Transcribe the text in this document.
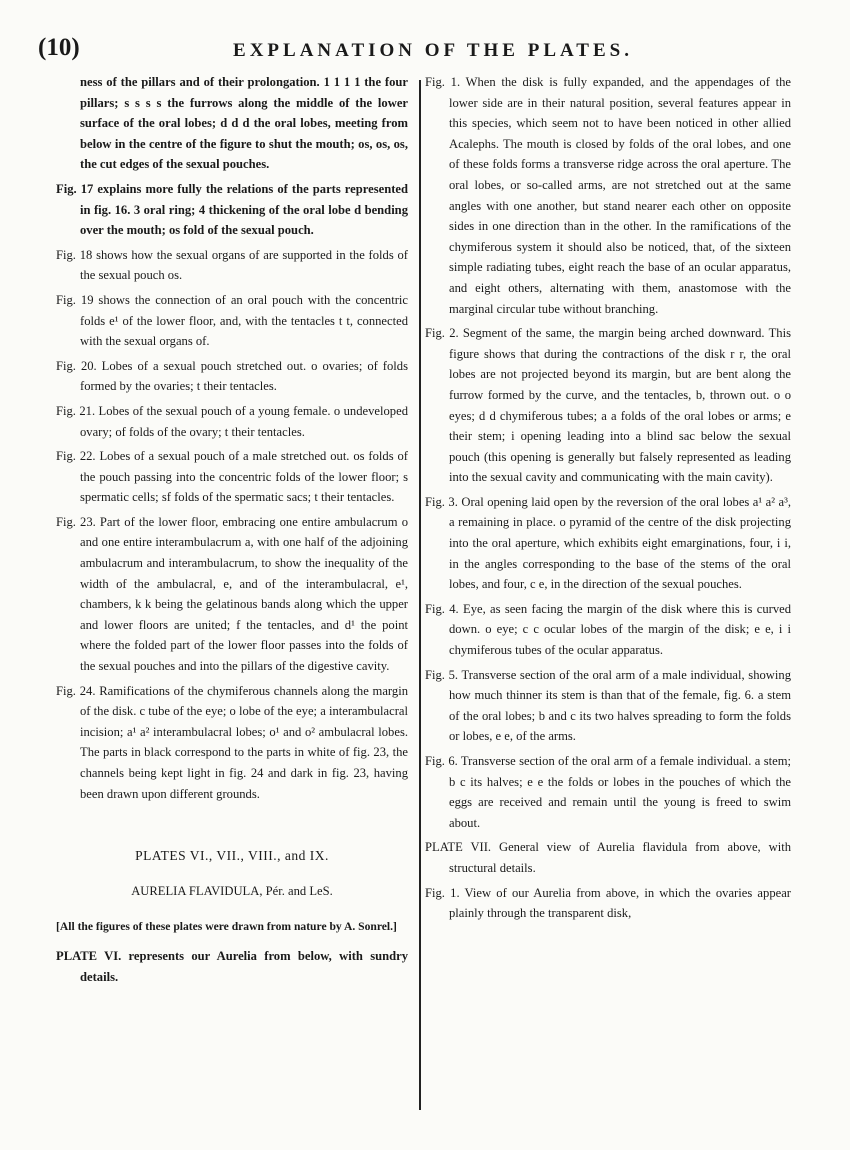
(10)	EXPLANATION OF THE PLATES.

ness of the pillars and of their prolongation. 1 1 1 1 the four pillars; s s s s the furrows along the middle of the lower surface of the oral lobes; d d d the oral lobes, meeting from below in the centre of the figure to shut the mouth; os, os, os, the cut edges of the sexual pouches.

Fig. 17 explains more fully the relations of the parts represented in fig. 16. 3 oral ring; 4 thickening of the oral lobe d bending over the mouth; os fold of the sexual pouch.

Fig. 18 shows how the sexual organs of are supported in the folds of the sexual pouch os.

Fig. 19 shows the connection of an oral pouch with the concentric folds e¹ of the lower floor, and, with the tentacles t t, connected with the sexual organs of.

Fig. 20. Lobes of a sexual pouch stretched out. o ovaries; of folds formed by the ovaries; t their tentacles.

Fig. 21. Lobes of the sexual pouch of a young female. o undeveloped ovary; of folds of the ovary; t their tentacles.

Fig. 22. Lobes of a sexual pouch of a male stretched out. os folds of the pouch passing into the concentric folds of the lower floor; s spermatic cells; sf folds of the spermatic sacs; t their tentacles.

Fig. 23. Part of the lower floor, embracing one entire ambulacrum o and one entire interambulacrum a, with one half of the adjoining ambulacrum and interambulacrum, to show the inequality of the width of the ambulacral, e, and of the interambulacral, e¹, chambers, k k being the gelatinous bands along which the upper and lower floors are united; f the tentacles, and d¹ the point where the folded part of the lower floor passes into the folds of the sexual pouches and into the pillars of the digestive cavity.

Fig. 24. Ramifications of the chymiferous channels along the margin of the disk. c tube of the eye; o lobe of the eye; a interambulacral incision; a¹ a² interambulacral lobes; o¹ and o² ambulacral lobes. The parts in black correspond to the parts in white of fig. 23, the channels being kept light in fig. 24 and dark in fig. 23, having been drawn upon different grounds.

PLATES VI., VII., VIII., and IX.
AURELIA FLAVIDULA, Pér. and LeS.

[All the figures of these plates were drawn from nature by A. Sonrel.]

PLATE VI. represents our Aurelia from below, with sundry details.

Fig. 1. When the disk is fully expanded, and the appendages of the lower side are in their natural position, several features appear in this species, which seem not to have been noticed in other allied Acalephs. The mouth is closed by folds of the oral lobes, and one of these folds forms a transverse ridge across the oral aperture. The oral lobes, or so-called arms, are not stretched out at the same angles with one another, but stand nearer each other on opposite sides in one direction than in the other. In the ramifications of the chymiferous system it should also be noticed, that, of the sixteen simple radiating tubes, eight reach the base of an ocular apparatus, and eight others, alternating with them, anastomose with the marginal circular tube without branching.

Fig. 2. Segment of the same, the margin being arched downward. This figure shows that during the contractions of the disk r r, the oral lobes are not projected beyond its margin, but are bent along the furrow formed by the curve, and the tentacles, b, thrown out. o o eyes; d d chymiferous tubes; a a folds of the oral lobes or arms; e their stem; i opening leading into a blind sac below the sexual pouch (this opening is generally but falsely represented as leading into the sexual cavity and communicating with the main cavity).

Fig. 3. Oral opening laid open by the reversion of the oral lobes a¹ a² a³, a remaining in place. o pyramid of the centre of the disk projecting into the oral aperture, which exhibits eight emarginations, four, i i, in the angles corresponding to the base of the stems of the oral lobes, and four, c e, in the direction of the sexual pouches.

Fig. 4. Eye, as seen facing the margin of the disk where this is curved down. o eye; c c ocular lobes of the margin of the disk; e e, i i chymiferous tubes of the ocular apparatus.

Fig. 5. Transverse section of the oral arm of a male individual, showing how much thinner its stem is than that of the female, fig. 6. a stem of the oral lobes; b and c its two halves spreading to form the folds or lobes, e e, of the arms.

Fig. 6. Transverse section of the oral arm of a female individual. a stem; b c its halves; e e the folds or lobes in the pouches of which the eggs are received and remain until the young is freed to swim about.

PLATE VII. General view of Aurelia flavidula from above, with structural details.

Fig. 1. View of our Aurelia from above, in which the ovaries appear plainly through the transparent disk,
